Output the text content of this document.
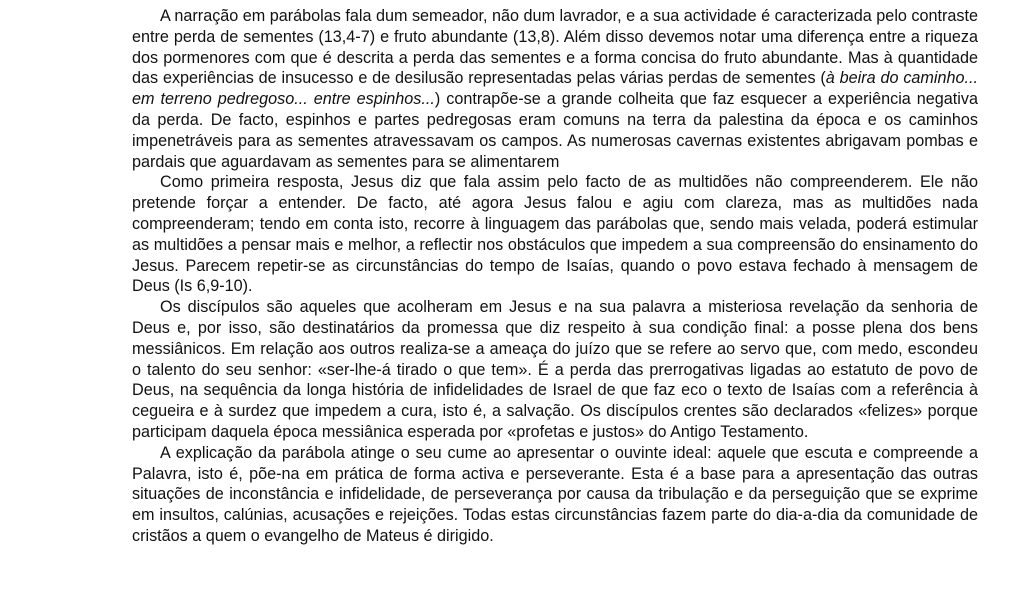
A narração em parábolas fala dum semeador, não dum lavrador, e a sua actividade é caracterizada pelo contraste entre perda de sementes (13,4-7) e fruto abundante (13,8). Além disso devemos notar uma diferença entre a riqueza dos pormenores com que é descrita a perda das sementes e a forma concisa do fruto abundante. Mas à quantidade das experiências de insucesso e de desilusão representadas pelas várias perdas de sementes (à beira do caminho... em terreno pedregoso... entre espinhos...) contrapõe-se a grande colheita que faz esquecer a experiência negativa da perda. De facto, espinhos e partes pedregosas eram comuns na terra da palestina da época e os caminhos impenetráveis para as sementes atravessavam os campos. As numerosas cavernas existentes abrigavam pombas e pardais que aguardavam as sementes para se alimentarem

Como primeira resposta, Jesus diz que fala assim pelo facto de as multidões não compreenderem. Ele não pretende forçar a entender. De facto, até agora Jesus falou e agiu com clareza, mas as multidões nada compreenderam; tendo em conta isto, recorre à linguagem das parábolas que, sendo mais velada, poderá estimular as multidões a pensar mais e melhor, a reflectir nos obstáculos que impedem a sua compreensão do ensinamento do Jesus. Parecem repetir-se as circunstâncias do tempo de Isaías, quando o povo estava fechado à mensagem de Deus (Is 6,9-10).

Os discípulos são aqueles que acolheram em Jesus e na sua palavra a misteriosa revelação da senhoria de Deus e, por isso, são destinatários da promessa que diz respeito à sua condição final: a posse plena dos bens messiânicos. Em relação aos outros realiza-se a ameaça do juízo que se refere ao servo que, com medo, escondeu o talento do seu senhor: «ser-lhe-á tirado o que tem». É a perda das prerrogativas ligadas ao estatuto de povo de Deus, na sequência da longa história de infidelidades de Israel de que faz eco o texto de Isaías com a referência à cegueira e à surdez que impedem a cura, isto é, a salvação. Os discípulos crentes são declarados «felizes» porque participam daquela época messiânica esperada por «profetas e justos» do Antigo Testamento.

A explicação da parábola atinge o seu cume ao apresentar o ouvinte ideal: aquele que escuta e compreende a Palavra, isto é, põe-na em prática de forma activa e perseverante. Esta é a base para a apresentação das outras situações de inconstância e infidelidade, de perseverança por causa da tribulação e da perseguição que se exprime em insultos, calúnias, acusações e rejeições. Todas estas circunstâncias fazem parte do dia-a-dia da comunidade de cristãos a quem o evangelho de Mateus é dirigido.
